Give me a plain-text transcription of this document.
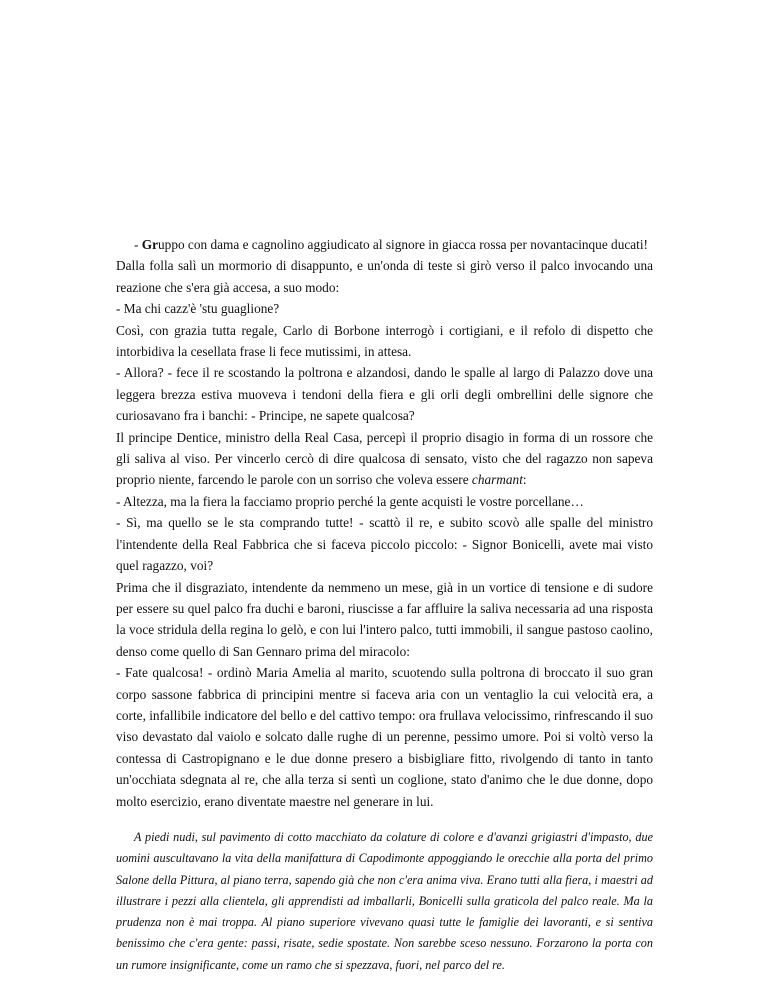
- Gruppo con dama e cagnolino aggiudicato al signore in giacca rossa per novantacinque ducati!

Dalla folla salì un mormorio di disappunto, e un'onda di teste si girò verso il palco invocando una reazione che s'era già accesa, a suo modo:

- Ma chi cazz'è 'stu guaglione?

Così, con grazia tutta regale, Carlo di Borbone interrogò i cortigiani, e il refolo di dispetto che intorbidiva la cesellata frase li fece mutissimi, in attesa.

- Allora? - fece il re scostando la poltrona e alzandosi, dando le spalle al largo di Palazzo dove una leggera brezza estiva muoveva i tendoni della fiera e gli orli degli ombrellini delle signore che curiosavano fra i banchi: - Principe, ne sapete qualcosa?

Il principe Dentice, ministro della Real Casa, percepì il proprio disagio in forma di un rossore che gli saliva al viso. Per vincerlo cercò di dire qualcosa di sensato, visto che del ragazzo non sapeva proprio niente, farcendo le parole con un sorriso che voleva essere charmant:

- Altezza, ma la fiera la facciamo proprio perché la gente acquisti le vostre porcellane…

- Sì, ma quello se le sta comprando tutte! - scattò il re, e subito scovò alle spalle del ministro l'intendente della Real Fabbrica che si faceva piccolo piccolo: - Signor Bonicelli, avete mai visto quel ragazzo, voi?

Prima che il disgraziato, intendente da nemmeno un mese, già in un vortice di tensione e di sudore per essere su quel palco fra duchi e baroni, riuscisse a far affluire la saliva necessaria ad una risposta la voce stridula della regina lo gelò, e con lui l'intero palco, tutti immobili, il sangue pastoso caolino, denso come quello di San Gennaro prima del miracolo:

- Fate qualcosa! - ordinò Maria Amelia al marito, scuotendo sulla poltrona di broccato il suo gran corpo sassone fabbrica di principini mentre si faceva aria con un ventaglio la cui velocità era, a corte, infallibile indicatore del bello e del cattivo tempo: ora frullava velocissimo, rinfrescando il suo viso devastato dal vaiolo e solcato dalle rughe di un perenne, pessimo umore. Poi si voltò verso la contessa di Castropignano e le due donne presero a bisbigliare fitto, rivolgendo di tanto in tanto un'occhiata sdegnata al re, che alla terza si sentì un coglione, stato d'animo che le due donne, dopo molto esercizio, erano diventate maestre nel generare in lui.

A piedi nudi, sul pavimento di cotto macchiato da colature di colore e d'avanzi grigiastri d'impasto, due uomini auscultavano la vita della manifattura di Capodimonte appoggiando le orecchie alla porta del primo Salone della Pittura, al piano terra, sapendo già che non c'era anima viva. Erano tutti alla fiera, i maestri ad illustrare i pezzi alla clientela, gli apprendisti ad imballarli, Bonicelli sulla graticola del palco reale. Ma la prudenza non è mai troppa. Al piano superiore vivevano quasi tutte le famiglie dei lavoranti, e si sentiva benissimo che c'era gente: passi, risate, sedie spostate. Non sarebbe sceso nessuno. Forzarono la porta con un rumore insignificante, come un ramo che si spezzava, fuori, nel parco del re.
